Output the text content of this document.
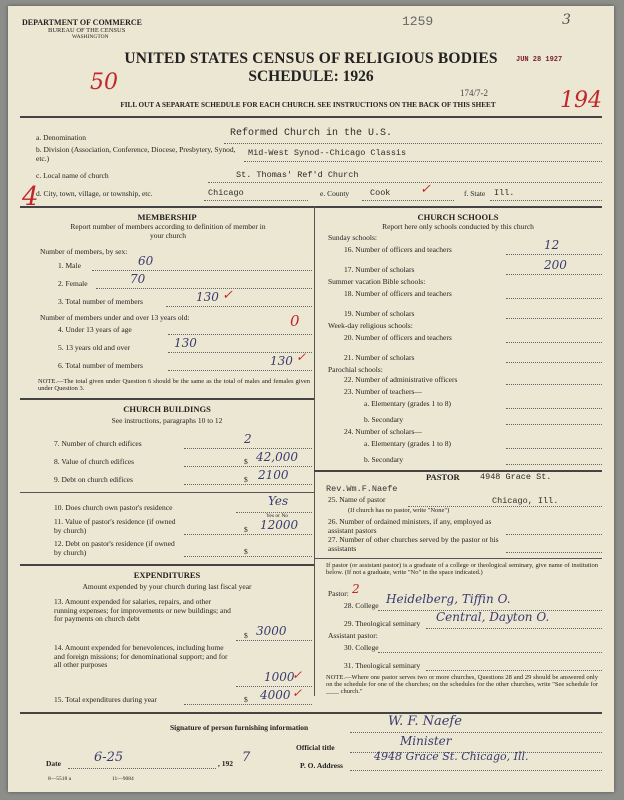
DEPARTMENT OF COMMERCE
BUREAU OF THE CENSUS
WASHINGTON
1259	3
JUN 28 1927
UNITED STATES CENSUS OF RELIGIOUS BODIES
SCHEDULE: 1926
50
194
174/7-2
FILL OUT A SEPARATE SCHEDULE FOR EACH CHURCH. SEE INSTRUCTIONS ON THE BACK OF THIS SHEET
a. Denomination	Reformed Church in the U.S.
b. Division (Association, Conference, Diocese, Presbytery, Synod, etc.)
Mid-West Synod--Chicago Classis
c. Local name of church	St. Thomas' Ref'd Church
4
d. City, town, village, or township, etc.	Chicago	e. County Cook ✓	f. State Ill.
MEMBERSHIP
Report number of members according to definition of member in your church
Number of members, by sex:
1. Male	60
2. Female	70
3. Total number of members	130 ✓
Number of members under and over 13 years old:
4. Under 13 years of age	0
5. 13 years old and over	130
6. Total number of members	130 ✓
NOTE.—The total given under Question 6 should be the same as the total of males and females given under Question 3.
CHURCH BUILDINGS
See instructions, paragraphs 10 to 12
7. Number of church edifices	2
8. Value of church edifices	$ 42,000
9. Debt on church edifices	$ 2100
10. Does church own pastor's residence	Yes
Yes or No
11. Value of pastor's residence (if owned by church)	$ 12000
12. Debt on pastor's residence (if owned by church)	$
EXPENDITURES
Amount expended by your church during last fiscal year
13. Amount expended for salaries, repairs, and other running expenses; for improvements or new buildings; and for payments on church debt
$ 3000
14. Amount expended for benevolences, including home and foreign missions; for denominational support; and for all other purposes
1000
✓
15. Total expenditures during year	$ 4000 ✓
CHURCH SCHOOLS
Report here only schools conducted by this church
Sunday schools:
16. Number of officers and teachers	12
17. Number of scholars	200
Summer vacation Bible schools:
18. Number of officers and teachers
19. Number of scholars
Week-day religious schools:
20. Number of officers and teachers
21. Number of scholars
Parochial schools:
22. Number of administrative officers
23. Number of teachers—
a. Elementary (grades 1 to 8)
b. Secondary
24. Number of scholars—
a. Elementary (grades 1 to 8)
b. Secondary
PASTOR 4948 Grace St.
Rev.Wm.F.Naefe
Chicago, Ill.
25. Name of pastor
(If church has no pastor, write "None")
26. Number of ordained ministers, if any, employed as assistant pastors
27. Number of other churches served by the pastor or his assistants
If pastor (or assistant pastor) is a graduate of a college or theological seminary, give name of institution below. (If not a graduate, write "No" in the space indicated.)
Pastor: 2
28. College Heidelberg, Tiffin O.
29. Theological seminary Central, Dayton O.
Assistant pastor:
30. College
31. Theological seminary
NOTE.—Where one pastor serves two or more churches, Questions 28 and 29 should be answered only on the schedule for one of the churches; on the schedules for the other churches, write "See schedule for ____ church."
Signature of person furnishing information	W. F. Naefe
Official title	Minister
Date	6-25	, 192 7
P. O. Address
4948 Grace St. Chicago, Ill.
8—5518 a	11—9084
